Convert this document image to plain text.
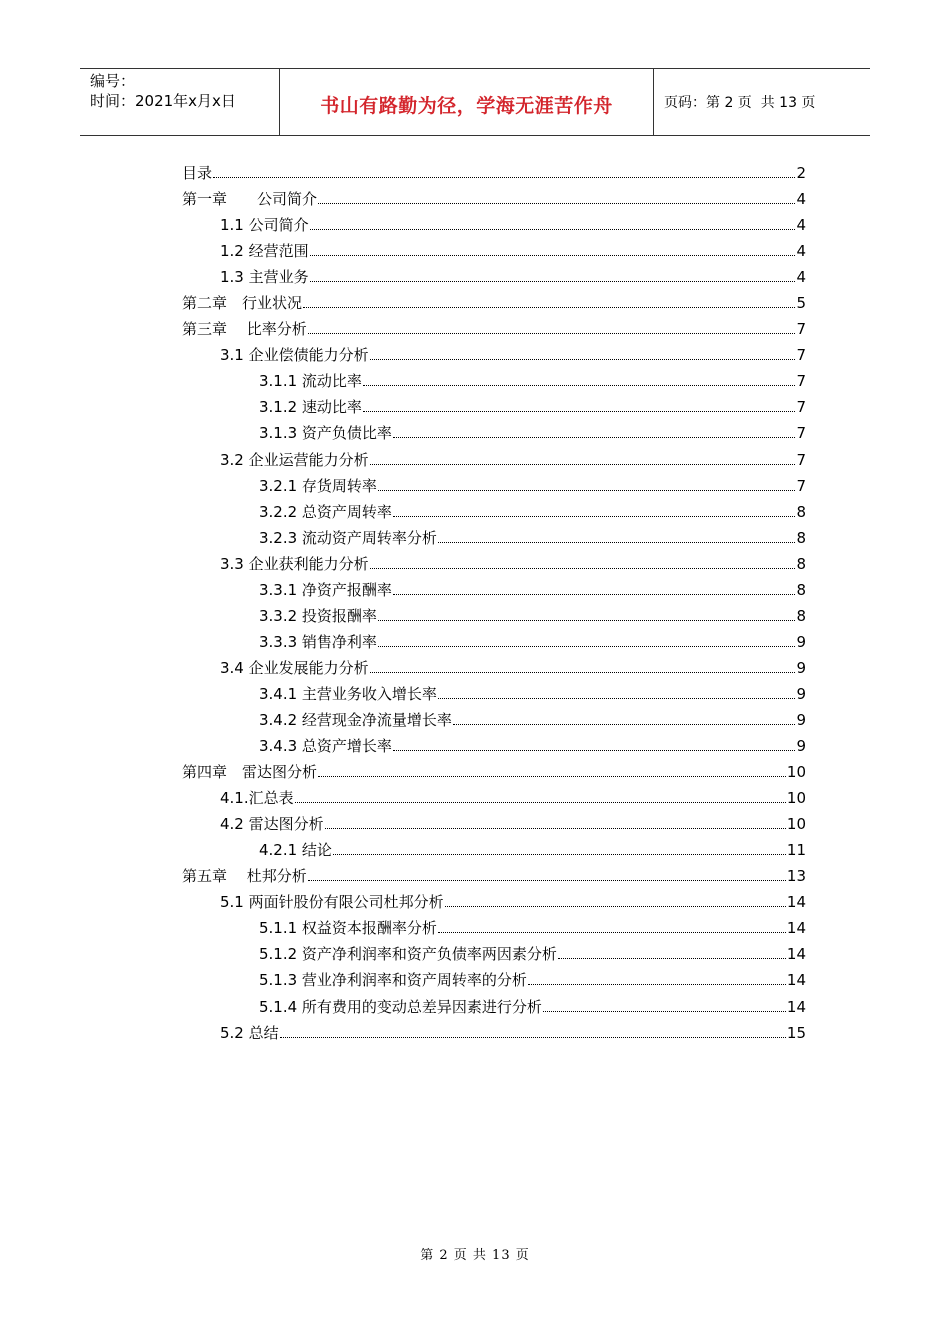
编号：
时间：2021年x月x日	书山有路勤为径，学海无涯苦作舟	页码：第 2 页  共 13 页
目录	2
第一章　　公司简介	4
1.1 公司简介	4
1.2 经营范围	4
1.3 主营业务	4
第二章　行业状况	5
第三章　 比率分析	7
3.1 企业偿债能力分析	7
3.1.1 流动比率	7
3.1.2 速动比率	7
3.1.3 资产负债比率	7
3.2 企业运营能力分析	7
3.2.1 存货周转率	7
3.2.2 总资产周转率	8
3.2.3 流动资产周转率分析	8
3.3 企业获利能力分析	8
3.3.1 净资产报酬率	8
3.3.2 投资报酬率	8
3.3.3 销售净利率	9
3.4 企业发展能力分析	9
3.4.1 主营业务收入增长率	9
3.4.2 经营现金净流量增长率	9
3.4.3 总资产增长率	9
第四章　雷达图分析	10
4.1.汇总表	10
4.2 雷达图分析	10
4.2.1 结论	11
第五章　 杜邦分析	13
5.1 两面针股份有限公司杜邦分析	14
5.1.1 权益资本报酬率分析	14
5.1.2 资产净利润率和资产负债率两因素分析	14
5.1.3 营业净利润率和资产周转率的分析	14
5.1.4 所有费用的变动总差异因素进行分析	14
5.2 总结	15
第 2 页 共 13 页
